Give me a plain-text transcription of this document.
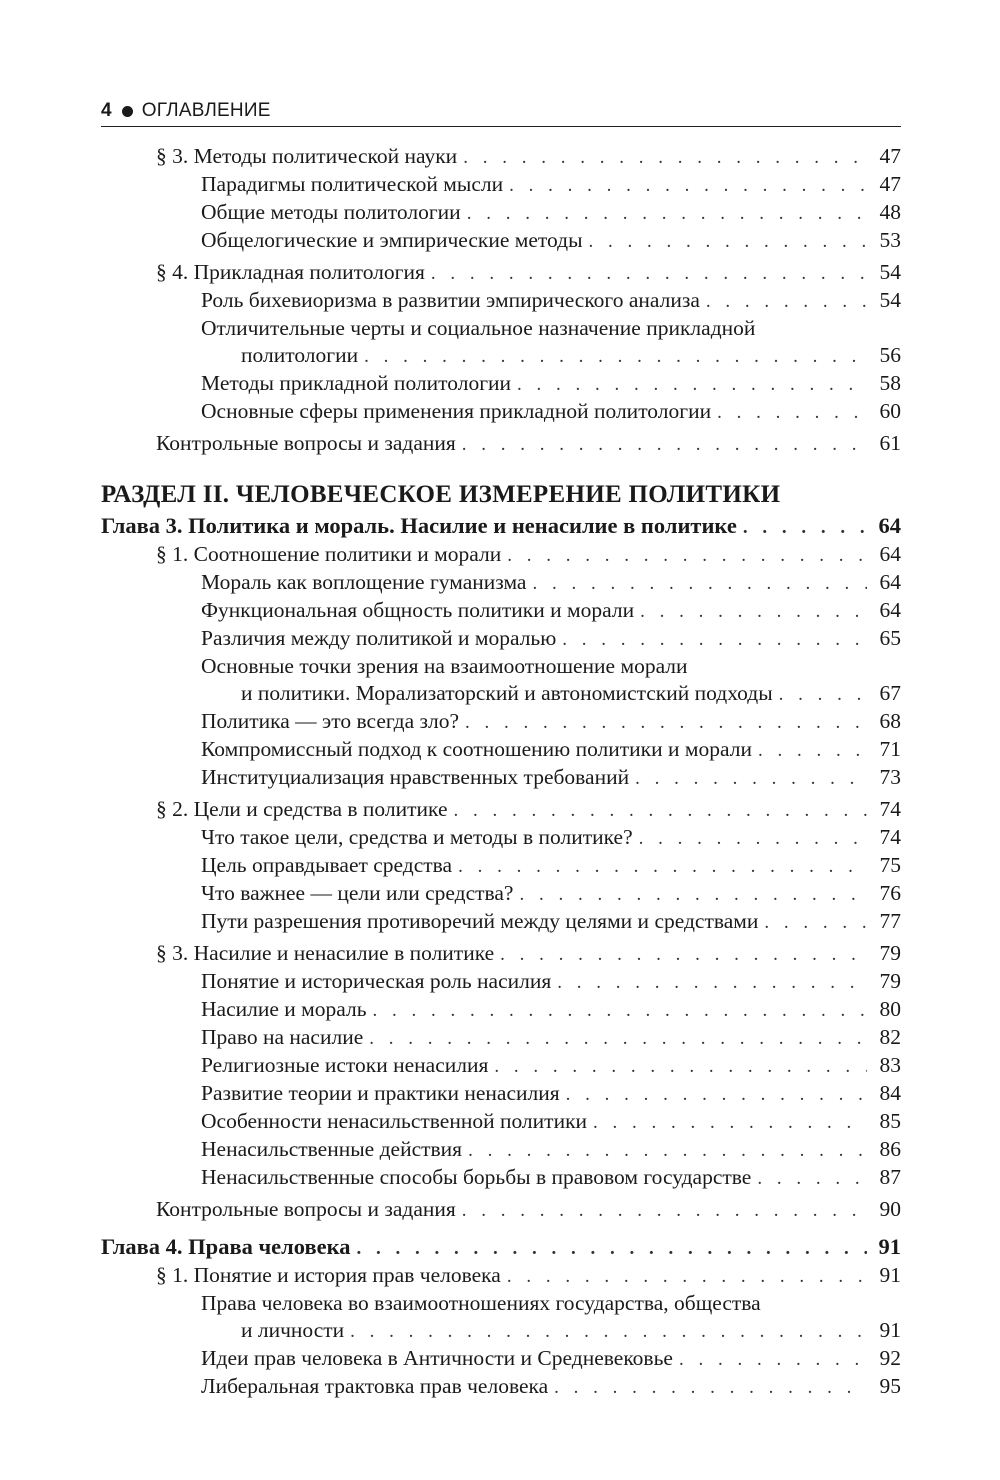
4 ОГЛАВЛЕНИЕ
§ 3. Методы политической науки . . .	47
Парадигмы политической мысли . . .	47
Общие методы политологии . . .	48
Общелогические и эмпирические методы . . .	53
§ 4. Прикладная политология . . .	54
Роль бихевиоризма в развитии эмпирического анализа . . .	54
Отличительные черты и социальное назначение прикладной
политологии . . .	56
Методы прикладной политологии . . .	58
Основные сферы применения прикладной политологии . . .	60
Контрольные вопросы и задания . . .	61
РАЗДЕЛ II. ЧЕЛОВЕЧЕСКОЕ ИЗМЕРЕНИЕ ПОЛИТИКИ
Глава 3. Политика и мораль. Насилие и ненасилие в политике . . .	64
§ 1. Соотношение политики и морали . . .	64
Мораль как воплощение гуманизма . . .	64
Функциональная общность политики и морали . . .	64
Различия между политикой и моралью . . .	65
Основные точки зрения на взаимоотношение морали
и политики. Морализаторский и автономистский подходы . . .	67
Политика — это всегда зло? . . .	68
Компромиссный подход к соотношению политики и морали . . .	71
Институциализация нравственных требований . . .	73
§ 2. Цели и средства в политике . . .	74
Что такое цели, средства и методы в политике? . . .	74
Цель оправдывает средства . . .	75
Что важнее — цели или средства? . . .	76
Пути разрешения противоречий между целями и средствами . . .	77
§ 3. Насилие и ненасилие в политике . . .	79
Понятие и историческая роль насилия . . .	79
Насилие и мораль . . .	80
Право на насилие . . .	82
Религиозные истоки ненасилия . . .	83
Развитие теории и практики ненасилия . . .	84
Особенности ненасильственной политики . . .	85
Ненасильственные действия . . .	86
Ненасильственные способы борьбы в правовом государстве . . .	87
Контрольные вопросы и задания . . .	90
Глава 4. Права человека . . .	91
§ 1. Понятие и история прав человека . . .	91
Права человека во взаимоотношениях государства, общества
и личности . . .	91
Идеи прав человека в Античности и Средневековье . . .	92
Либеральная трактовка прав человека . . .	95
